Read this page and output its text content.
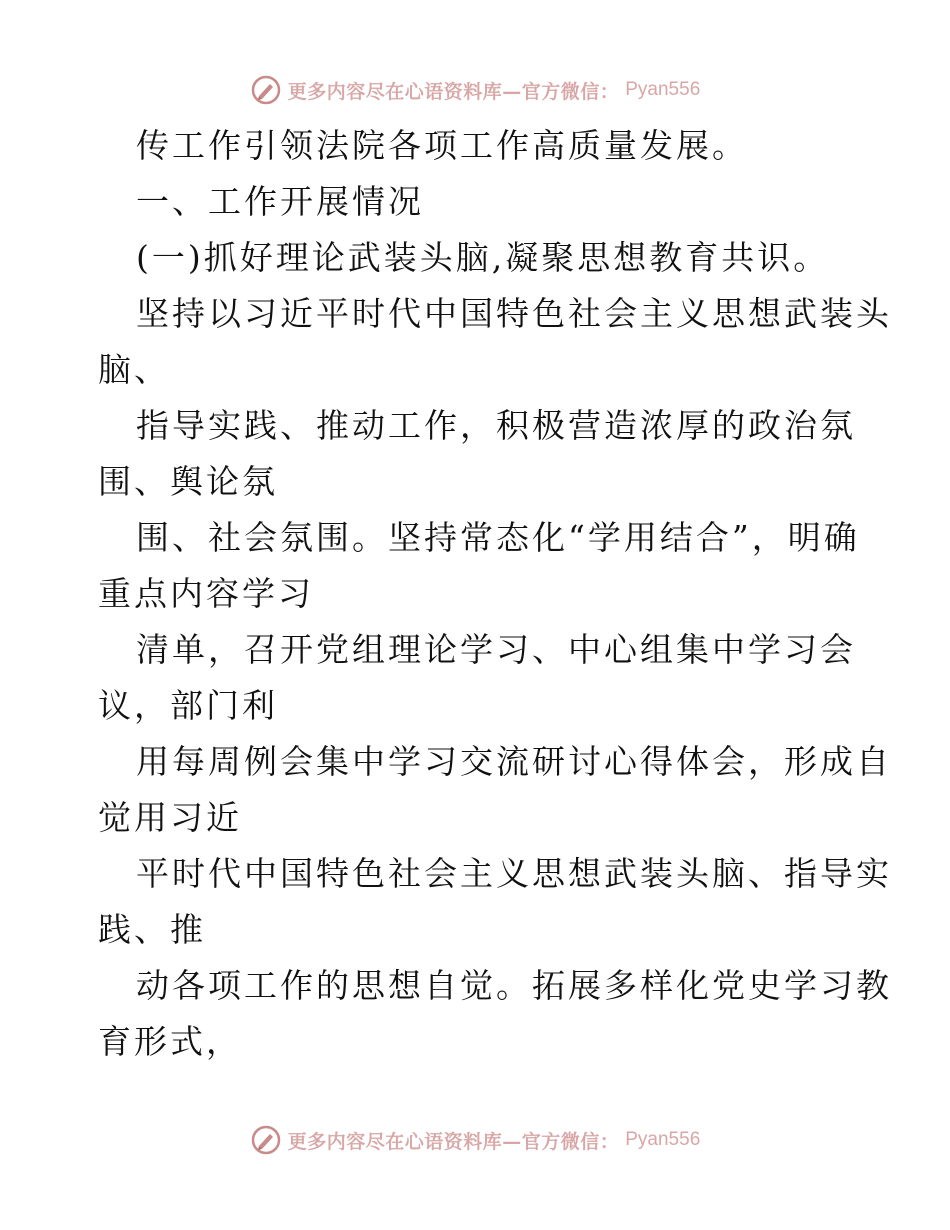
更多内容尽在心语资料库—官方微信： Pyan556
传工作引领法院各项工作高质量发展。
一、工作开展情况
(一)抓好理论武装头脑,凝聚思想教育共识。
坚持以习近平时代中国特色社会主义思想武装头
脑、
指导实践、推动工作，积极营造浓厚的政治氛
围、舆论氛
围、社会氛围。坚持常态化“学用结合”，明确
重点内容学习
清单，召开党组理论学习、中心组集中学习会
议，部门利
用每周例会集中学习交流研讨心得体会，形成自
觉用习近
平时代中国特色社会主义思想武装头脑、指导实
践、推
动各项工作的思想自觉。拓展多样化党史学习教
育形式，
更多内容尽在心语资料库—官方微信： Pyan556
